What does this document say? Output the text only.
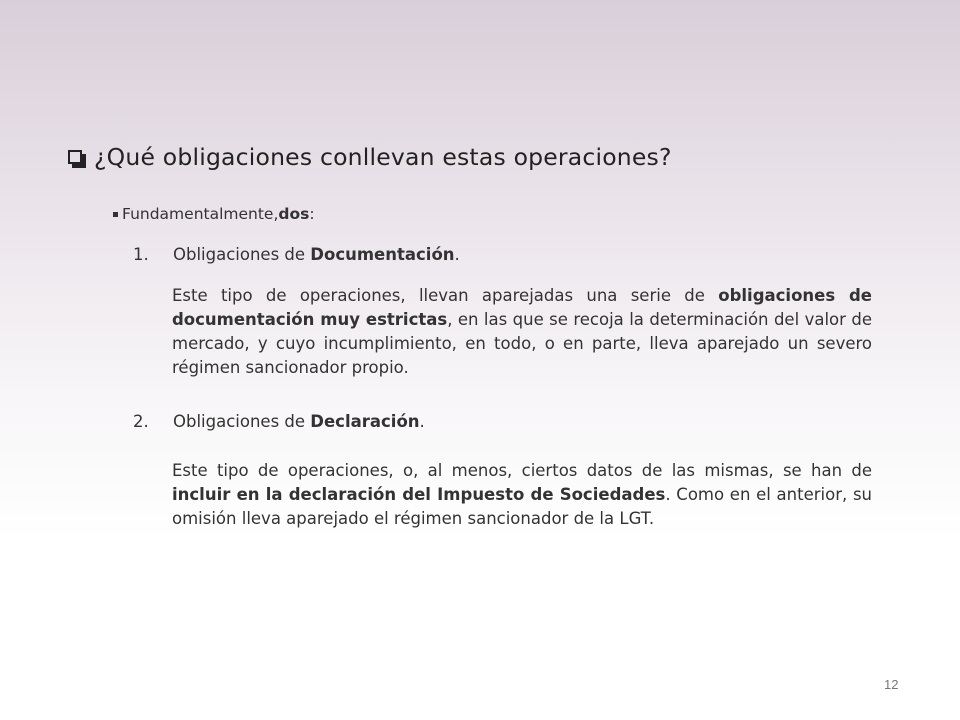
¿Qué obligaciones conllevan estas operaciones?
Fundamentalmente, dos :
1. Obligaciones de Documentación.
Este tipo de operaciones, llevan aparejadas una serie de obligaciones de documentación muy estrictas, en las que se recoja la determinación del valor de mercado, y cuyo incumplimiento, en todo, o en parte, lleva aparejado un severo régimen sancionador propio.
2. Obligaciones de Declaración.
Este tipo de operaciones, o, al menos, ciertos datos de las mismas, se han de incluir en la declaración del Impuesto de Sociedades. Como en el anterior, su omisión lleva aparejado el régimen sancionador de la LGT.
12
